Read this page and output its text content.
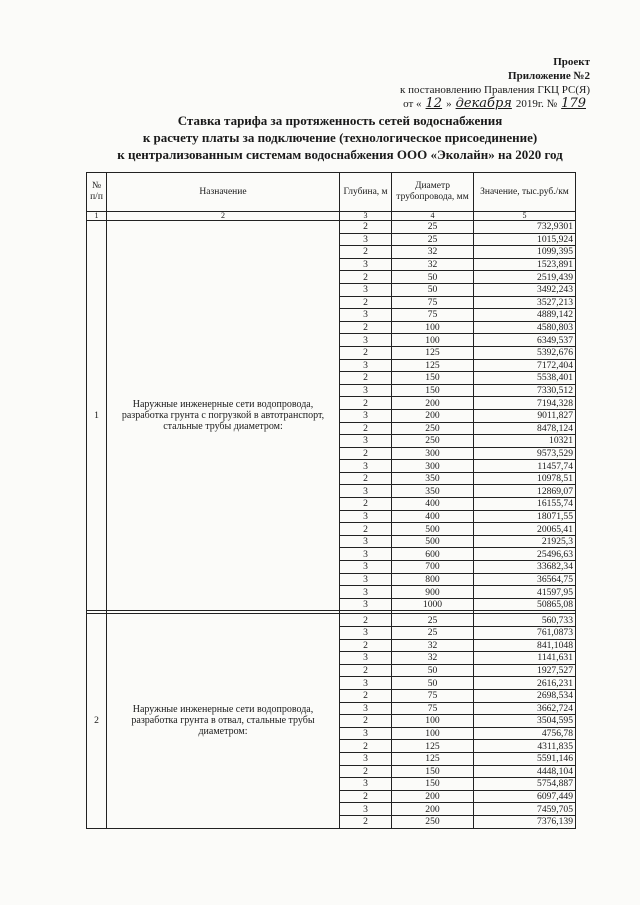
Проект
Приложение №2
к постановлению Правления ГКЦ РС(Я)
от « 12 » декабря 2019г. № 179
Ставка тарифа за протяженность сетей водоснабжения
к расчету платы за подключение (технологическое присоединение)
к централизованным системам водоснабжения ООО «Эколайн» на 2020 год
№ п/п	Назначение	Глубина, м	Диаметр трубопровода, мм	Значение, тыс.руб./км
1	2	3	4	5
1	Наружные инженерные сети водопровода, разработка грунта с погрузкой в автотранспорт, стальные трубы диаметром:	2	25	732,9301
		3	25	1015,924
		2	32	1099,395
		3	32	1523,891
		2	50	2519,439
		3	50	3492,243
		2	75	3527,213
		3	75	4889,142
		2	100	4580,803
		3	100	6349,537
		2	125	5392,676
		3	125	7172,404
		2	150	5538,401
		3	150	7330,512
		2	200	7194,328
		3	200	9011,827
		2	250	8478,124
		3	250	10321
		2	300	9573,529
		3	300	11457,74
		2	350	10978,51
		3	350	12869,07
		2	400	16155,74
		3	400	18071,55
		2	500	20065,41
		3	500	21925,3
		3	600	25496,63
		3	700	33682,34
		3	800	36564,75
		3	900	41597,95
		3	1000	50865,08

2	Наружные инженерные сети водопровода, разработка грунта в отвал, стальные трубы диаметром:	2	25	560,733
		3	25	761,0873
		2	32	841,1048
		3	32	1141,631
		2	50	1927,527
		3	50	2616,231
		2	75	2698,534
		3	75	3662,724
		2	100	3504,595
		3	100	4756,78
		2	125	4311,835
		3	125	5591,146
		2	150	4448,104
		3	150	5754,887
		2	200	6097,449
		3	200	7459,705
		2	250	7376,139
